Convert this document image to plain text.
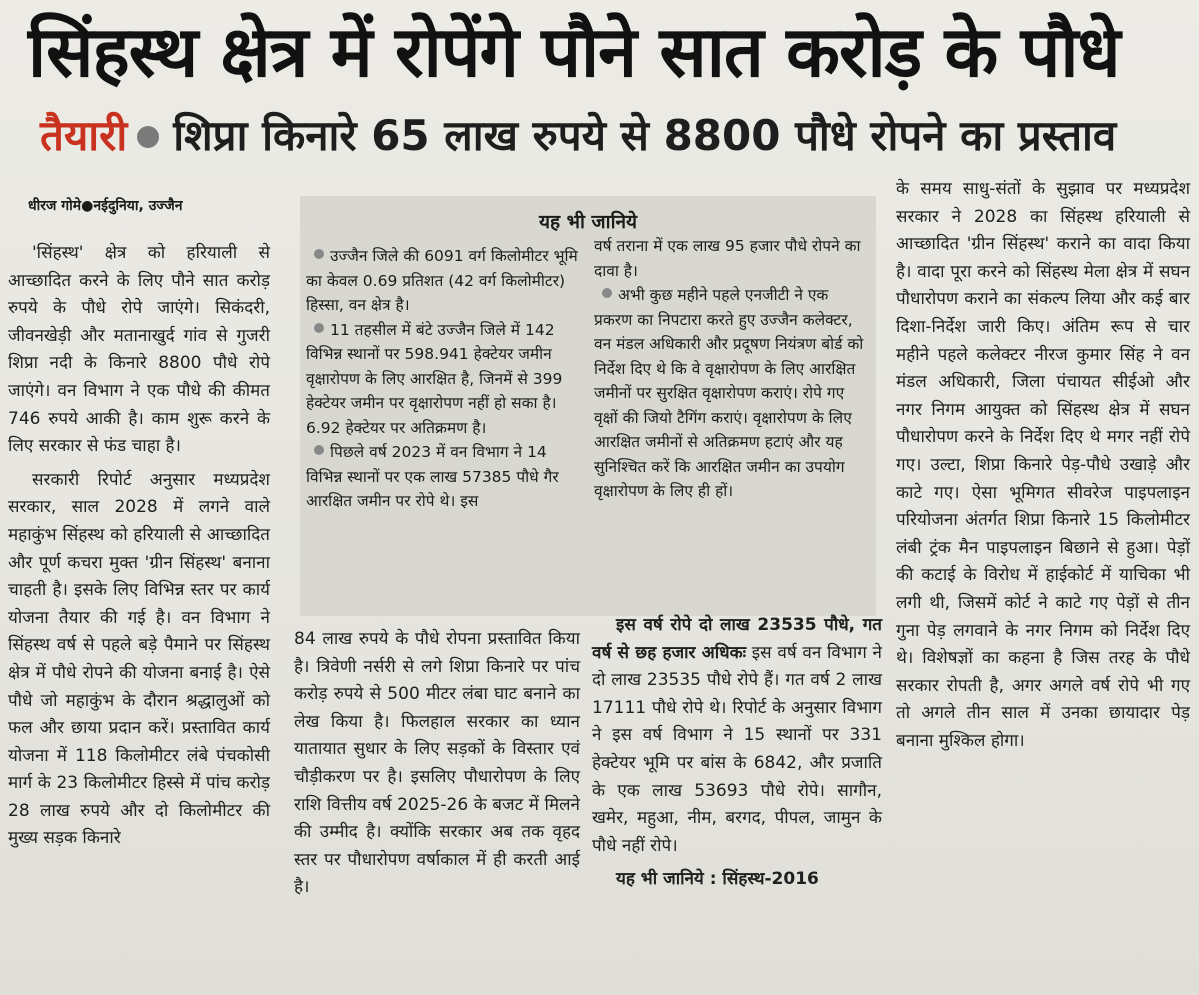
सिंहस्थ क्षेत्र में रोपेंगे पौने सात करोड़ के पौधे
तैयारी शिप्रा किनारे 65 लाख रुपये से 8800 पौधे रोपने का प्रस्ताव
धीरज गोमे●नईदुनिया, उज्जैन

'सिंहस्थ' क्षेत्र को हरियाली से आच्छादित करने के लिए पौने सात करोड़ रुपये के पौधे रोपे जाएंगे। सिकंदरी, जीवनखेड़ी और मतानाखुर्द गांव से गुजरी शिप्रा नदी के किनारे 8800 पौधे रोपे जाएंगे। वन विभाग ने एक पौधे की कीमत 746 रुपये आकी है। काम शुरू करने के लिए सरकार से फंड चाहा है।

सरकारी रिपोर्ट अनुसार मध्यप्रदेश सरकार, साल 2028 में लगने वाले महाकुंभ सिंहस्थ को हरियाली से आच्छादित और पूर्ण कचरा मुक्त 'ग्रीन सिंहस्थ' बनाना चाहती है। इसके लिए विभिन्न स्तर पर कार्य योजना तैयार की गई है। वन विभाग ने सिंहस्थ वर्ष से पहले बड़े पैमाने पर सिंहस्थ क्षेत्र में पौधे रोपने की योजना बनाई है। ऐसे पौधे जो महाकुंभ के दौरान श्रद्धालुओं को फल और छाया प्रदान करें। प्रस्तावित कार्य योजना में 118 किलोमीटर लंबे पंचकोसी मार्ग के 23 किलोमीटर हिस्से में पांच करोड़ 28 लाख रुपये और दो किलोमीटर की मुख्य सड़क किनारे

यह भी जानिये

उज्जैन जिले की 6091 वर्ग किलोमीटर भूमि का केवल 0.69 प्रतिशत (42 वर्ग किलोमीटर) हिस्सा, वन क्षेत्र है।

11 तहसील में बंटे उज्जैन जिले में 142 विभिन्न स्थानों पर 598.941 हेक्टेयर जमीन वृक्षारोपण के लिए आरक्षित है, जिनमें से 399 हेक्टेयर जमीन पर वृक्षारोपण नहीं हो सका है। 6.92 हेक्टेयर पर अतिक्रमण है।

पिछले वर्ष 2023 में वन विभाग ने 14 विभिन्न स्थानों पर एक लाख 57385 पौधे गैर आरक्षित जमीन पर रोपे थे। इस

वर्ष तराना में एक लाख 95 हजार पौधे रोपने का दावा है।

अभी कुछ महीने पहले एनजीटी ने एक प्रकरण का निपटारा करते हुए उज्जैन कलेक्टर, वन मंडल अधिकारी और प्रदूषण नियंत्रण बोर्ड को निर्देश दिए थे कि वे वृक्षारोपण के लिए आरक्षित जमीनों पर सुरक्षित वृक्षारोपण कराएं। रोपे गए वृक्षों की जियो टैगिंग कराएं। वृक्षारोपण के लिए आरक्षित जमीनों से अतिक्रमण हटाएं और यह सुनिश्चित करें कि आरक्षित जमीन का उपयोग वृक्षारोपण के लिए ही हों।

84 लाख रुपये के पौधे रोपना प्रस्तावित किया है। त्रिवेणी नर्सरी से लगे शिप्रा किनारे पर पांच करोड़ रुपये से 500 मीटर लंबा घाट बनाने का लेख किया है। फिलहाल सरकार का ध्यान यातायात सुधार के लिए सड़कों के विस्तार एवं चौड़ीकरण पर है। इसलिए पौधारोपण के लिए राशि वित्तीय वर्ष 2025-26 के बजट में मिलने की उम्मीद है। क्योंकि सरकार अब तक वृहद स्तर पर पौधारोपण वर्षाकाल में ही करती आई है।

इस वर्ष रोपे दो लाख 23535 पौधे, गत वर्ष से छह हजार अधिकः इस वर्ष वन विभाग ने दो लाख 23535 पौधे रोपे हैं। गत वर्ष 2 लाख 17111 पौधे रोपे थे। रिपोर्ट के अनुसार विभाग ने इस वर्ष विभाग ने 15 स्थानों पर 331 हेक्टेयर भूमि पर बांस के 6842, और प्रजाति के एक लाख 53693 पौधे रोपे। सागौन, खमेर, महुआ, नीम, बरगद, पीपल, जामुन के पौधे नहीं रोपे।

यह भी जानिये : सिंहस्थ-2016

के समय साधु-संतों के सुझाव पर मध्यप्रदेश सरकार ने 2028 का सिंहस्थ हरियाली से आच्छादित 'ग्रीन सिंहस्थ' कराने का वादा किया है। वादा पूरा करने को सिंहस्थ मेला क्षेत्र में सघन पौधारोपण कराने का संकल्प लिया और कई बार दिशा-निर्देश जारी किए। अंतिम रूप से चार महीने पहले कलेक्टर नीरज कुमार सिंह ने वन मंडल अधिकारी, जिला पंचायत सीईओ और नगर निगम आयुक्त को सिंहस्थ क्षेत्र में सघन पौधारोपण करने के निर्देश दिए थे मगर नहीं रोपे गए। उल्टा, शिप्रा किनारे पेड़-पौधे उखाड़े और काटे गए। ऐसा भूमिगत सीवरेज पाइपलाइन परियोजना अंतर्गत शिप्रा किनारे 15 किलोमीटर लंबी ट्रंक मैन पाइपलाइन बिछाने से हुआ। पेड़ों की कटाई के विरोध में हाईकोर्ट में याचिका भी लगी थी, जिसमें कोर्ट ने काटे गए पेड़ों से तीन गुना पेड़ लगवाने के नगर निगम को निर्देश दिए थे। विशेषज्ञों का कहना है जिस तरह के पौधे सरकार रोपती है, अगर अगले वर्ष रोपे भी गए तो अगले तीन साल में उनका छायादार पेड़ बनाना मुश्किल होगा।
